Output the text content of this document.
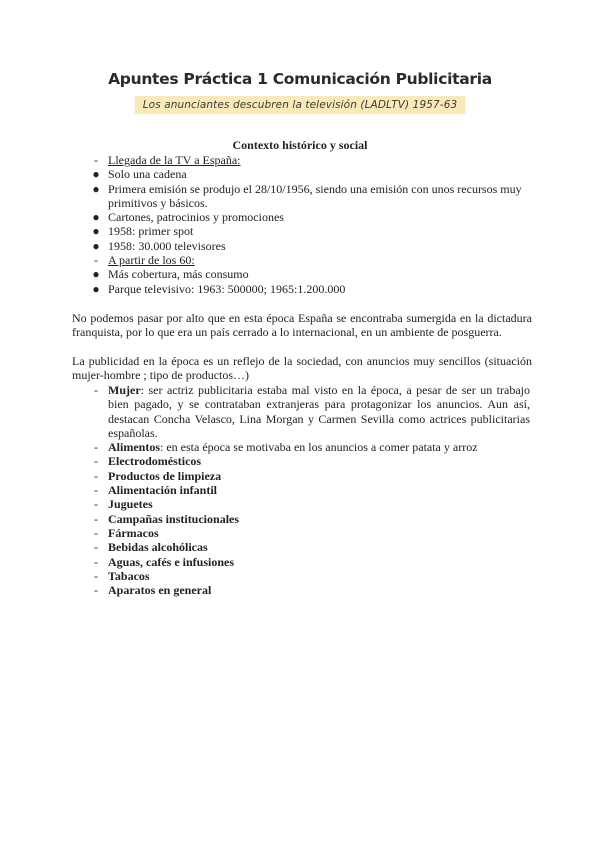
Apuntes Práctica 1 Comunicación Publicitaria
Los anunciantes descubren la televisión (LADLTV) 1957-63
Contexto histórico y social
- Llegada de la TV a España:
● Solo una cadena
● Primera emisión se produjo el 28/10/1956, siendo una emisión con unos recursos muy primitivos y básicos.
● Cartones, patrocinios y promociones
● 1958: primer spot
● 1958: 30.000 televisores
- A partir de los 60:
● Más cobertura, más consumo
● Parque televisivo: 1963: 500000; 1965:1.200.000

No podemos pasar por alto que en esta época España se encontraba sumergida en la dictadura franquista, por lo que era un país cerrado a lo internacional, en un ambiente de posguerra.

La publicidad en la época es un reflejo de la sociedad, con anuncios muy sencillos (situación mujer-hombre ; tipo de productos…)

- Mujer: ser actriz publicitaria estaba mal visto en la época, a pesar de ser un trabajo bien pagado, y se contrataban extranjeras para protagonizar los anuncios. Aun así, destacan Concha Velasco, Lina Morgan y Carmen Sevilla como actrices publicitarias españolas.
- Alimentos: en esta época se motivaba en los anuncios a comer patata y arroz
- Electrodomésticos
- Productos de limpieza
- Alimentación infantil
- Juguetes
- Campañas institucionales
- Fármacos
- Bebidas alcohólicas
- Aguas, cafés e infusiones
- Tabacos
- Aparatos en general
